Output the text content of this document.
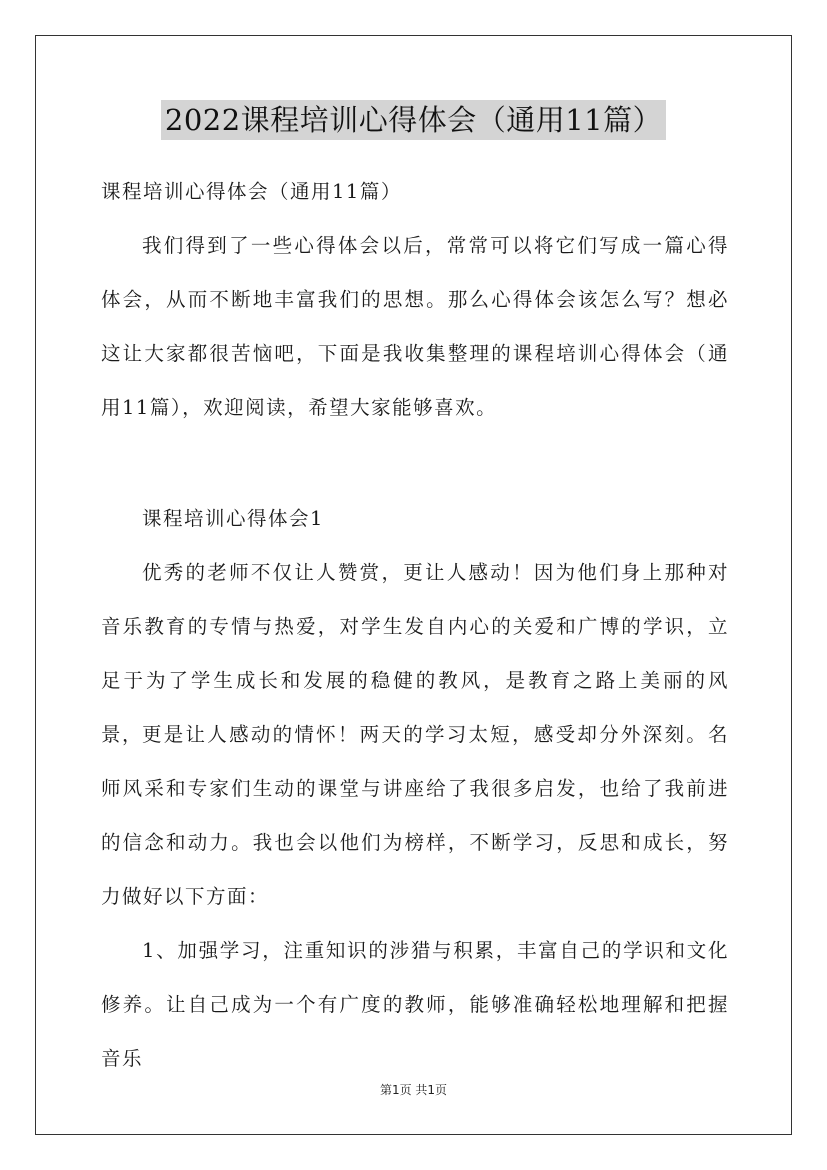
2022课程培训心得体会（通用11篇）

课程培训心得体会（通用11篇）

我们得到了一些心得体会以后，常常可以将它们写成一篇心得体会，从而不断地丰富我们的思想。那么心得体会该怎么写？想必这让大家都很苦恼吧，下面是我收集整理的课程培训心得体会（通用11篇），欢迎阅读，希望大家能够喜欢。

课程培训心得体会1

优秀的老师不仅让人赞赏，更让人感动！因为他们身上那种对音乐教育的专情与热爱，对学生发自内心的关爱和广博的学识，立足于为了学生成长和发展的稳健的教风，是教育之路上美丽的风景，

更是让人感动的情怀！两天的学习太短，感受却分外深刻。名师风采和专家们生动的课堂与讲座给了我很多启发，也给了我前进的信念和动力。我也会以他们为榜样，不断学习，反思和成长，努力做好以下方面：

1、加强学习，注重知识的涉猎与积累，丰富自己的学识和文化修养。让自己成为一个有广度的教师，能够准确轻松地理解和把握音乐

第1页 共1页
